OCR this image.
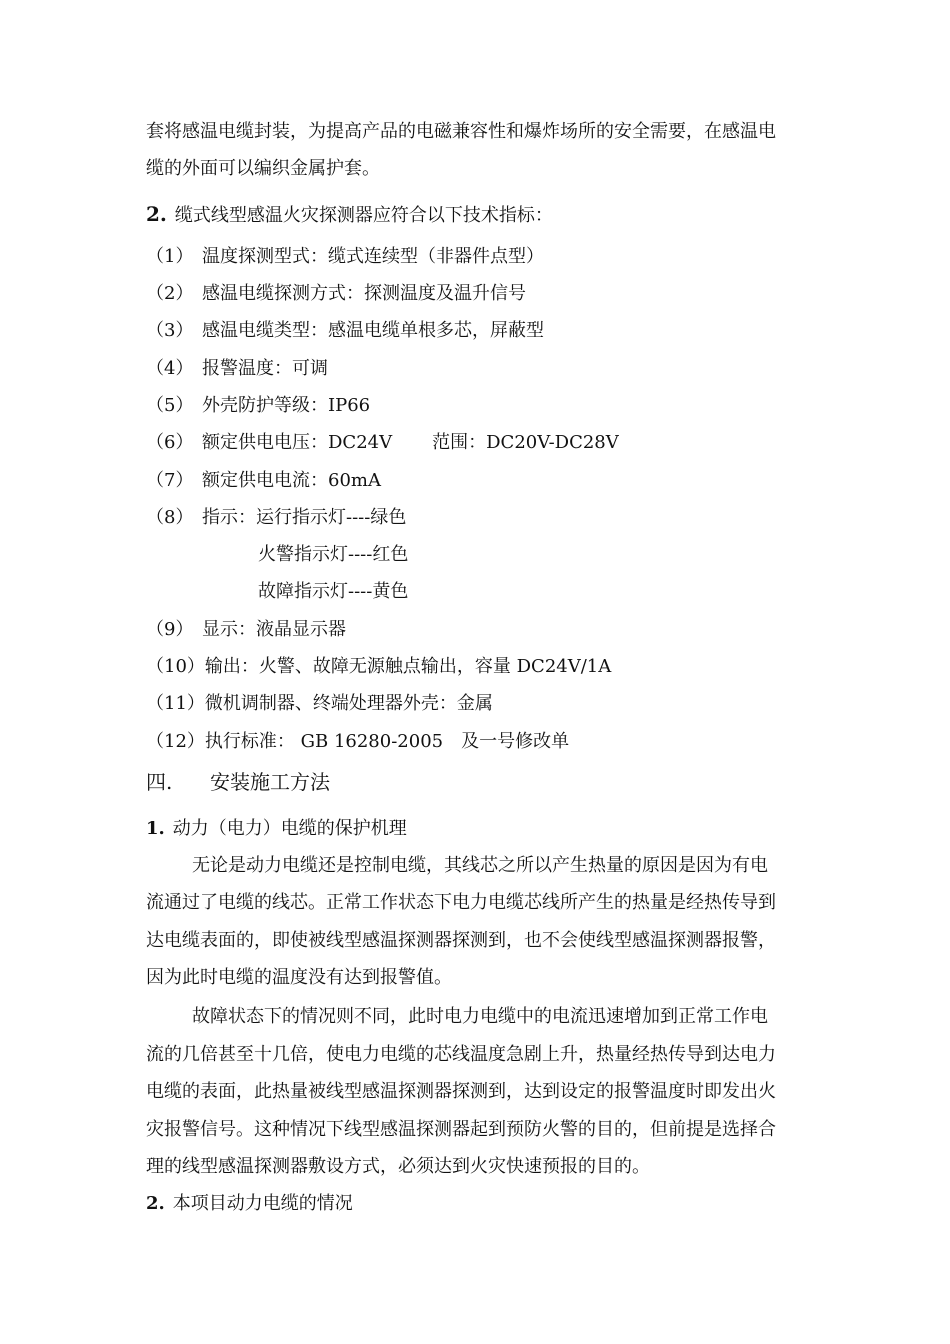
套将感温电缆封装，为提高产品的电磁兼容性和爆炸场所的安全需要，在感温电
缆的外面可以编织金属护套。
2. 缆式线型感温火灾探测器应符合以下技术指标：
（1） 温度探测型式：缆式连续型（非器件点型）
（2） 感温电缆探测方式：探测温度及温升信号
（3） 感温电缆类型：感温电缆单根多芯，屏蔽型
（4） 报警温度：可调
（5） 外壳防护等级：IP66
（6） 额定供电电压：DC24V 范围：DC20V-DC28V
（7） 额定供电电流：60mA
（8） 指示：运行指示灯----绿色
火警指示灯----红色
故障指示灯----黄色
（9） 显示：液晶显示器
（10）输出：火警、故障无源触点输出，容量 DC24V/1A
（11）微机调制器、终端处理器外壳：金属
（12）执行标准： GB 16280-2005　及一号修改单
四. 安装施工方法
1. 动力（电力）电缆的保护机理
无论是动力电缆还是控制电缆，其线芯之所以产生热量的原因是因为有电
流通过了电缆的线芯。正常工作状态下电力电缆芯线所产生的热量是经热传导到
达电缆表面的，即使被线型感温探测器探测到，也不会使线型感温探测器报警，
因为此时电缆的温度没有达到报警值。
故障状态下的情况则不同，此时电力电缆中的电流迅速增加到正常工作电
流的几倍甚至十几倍，使电力电缆的芯线温度急剧上升，热量经热传导到达电力
电缆的表面，此热量被线型感温探测器探测到，达到设定的报警温度时即发出火
灾报警信号。这种情况下线型感温探测器起到预防火警的目的，但前提是选择合
理的线型感温探测器敷设方式，必须达到火灾快速预报的目的。
2. 本项目动力电缆的情况
